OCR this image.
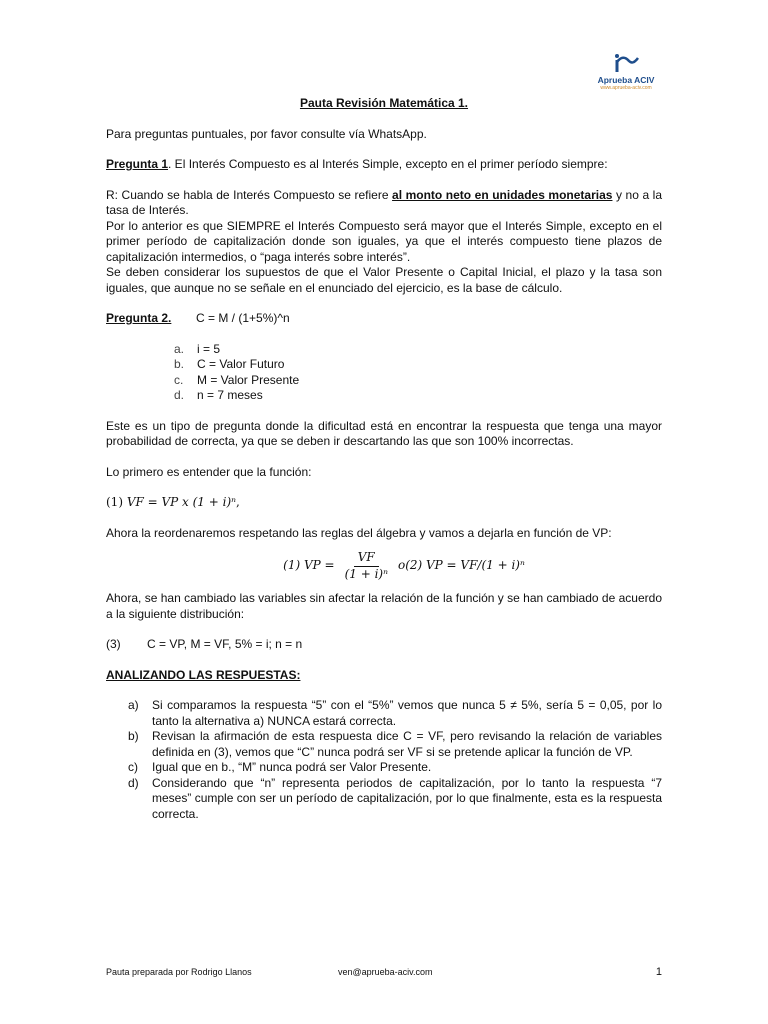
Aprueba ACIV
www.aprueba-aciv.com

Pauta Revisión Matemática 1.

Para preguntas puntuales, por favor consulte vía WhatsApp.

Pregunta 1. El Interés Compuesto es al Interés Simple, excepto en el primer período siempre:

R: Cuando se habla de Interés Compuesto se refiere al monto neto en unidades monetarias y no a la tasa de Interés.

Por lo anterior es que SIEMPRE el Interés Compuesto será mayor que el Interés Simple, excepto en el primer período de capitalización donde son iguales, ya que el interés compuesto tiene plazos de capitalización intermedios, o “paga interés sobre interés”.

Se deben considerar los supuestos de que el Valor Presente o Capital Inicial, el plazo y la tasa son iguales, que aunque no se señale en el enunciado del ejercicio, es la base de cálculo.

Pregunta 2.	C = M / (1+5%)^n
a.	i = 5
b.	C = Valor Futuro
c.	M = Valor Presente
d.	n = 7 meses

Este es un tipo de pregunta donde la dificultad está en encontrar la respuesta que tenga una mayor probabilidad de correcta, ya que se deben ir descartando las que son 100% incorrectas.

Lo primero es entender que la función:

(1) VF = VP x (1 + i)ⁿ,

Ahora la reordenaremos respetando las reglas del álgebra y vamos a dejarla en función de VP:

(1) VP = $\frac{VF}{\text{(1 + i)ⁿ}}$ o (2) VP = VF/(1 + i)ⁿ

Ahora, se han cambiado las variables sin afectar la relación de la función y se han cambiado de acuerdo a la siguiente distribución:

(3)	C = VP, M = VF, 5% = i; n = n

ANALIZANDO LAS RESPUESTAS:

a)	Si comparamos la respuesta “5” con el “5%” vemos que nunca 5 ≠ 5%, sería 5 = 0,05, por lo tanto la alternativa a) NUNCA estará correcta.
b)	Revisan la afirmación de esta respuesta dice C = VF, pero revisando la relación de variables definida en (3), vemos que “C” nunca podrá ser VF si se pretende aplicar la función de VP.
c)	Igual que en b., “M” nunca podrá ser Valor Presente.
d)	Considerando que “n” representa periodos de capitalización, por lo tanto la respuesta “7 meses” cumple con ser un período de capitalización, por lo que finalmente, esta es la respuesta correcta.
Pauta preparada por Rodrigo Llanos	ven@aprueba-aciv.com	1
